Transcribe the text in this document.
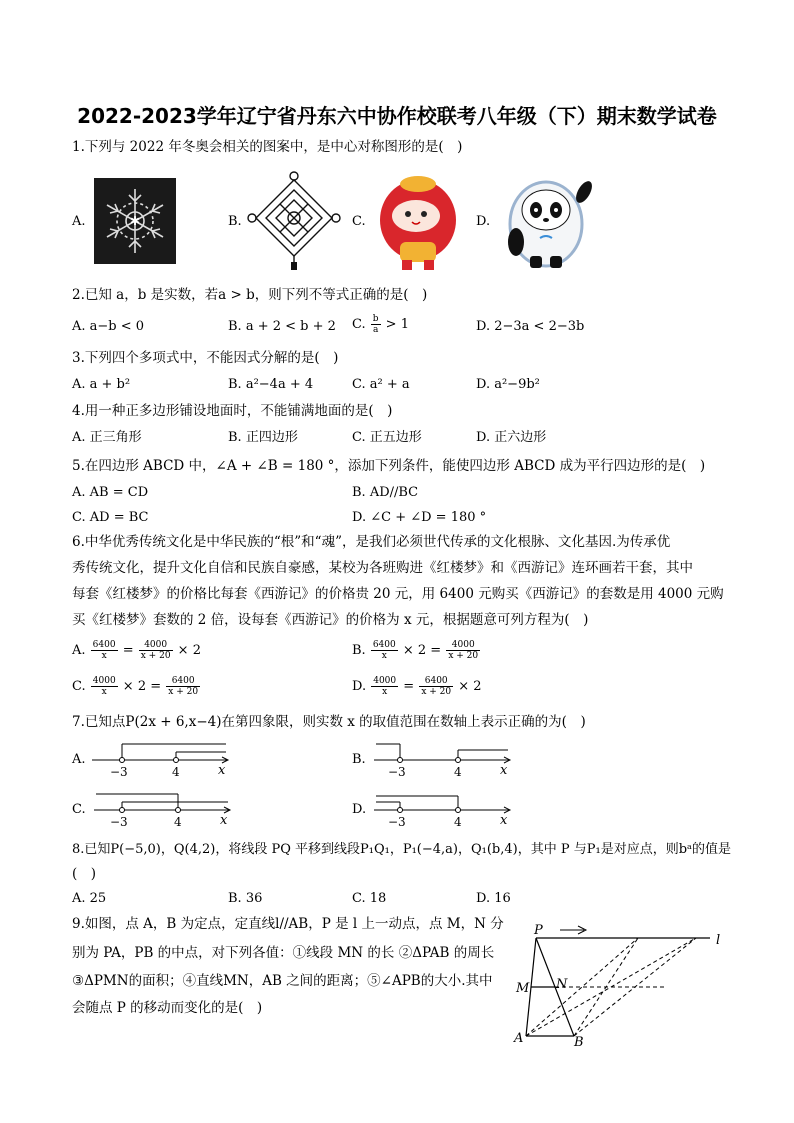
2022-2023学年辽宁省丹东六中协作校联考八年级（下）期末数学试卷
1.下列与 2022 年冬奥会相关的图案中，是中心对称图形的是(　)
A.	✱	B.	C.	D.
2.已知 a，b 是实数，若a > b，则下列不等式正确的是(　)
A. a−b < 0	B. a + 2 < b + 2 C. $\frac{b}{a} > 1$	D. 2−3a < 2−3b
3.下列四个多项式中，不能因式分解的是(　)
A. a + b²	B. a²−4a + 4	C. a² + a	D. a²−9b²
4.用一种正多边形铺设地面时，不能铺满地面的是(　)
A. 正三角形	B. 正四边形	C. 正五边形	D. 正六边形
5.在四边形 ABCD 中，∠A + ∠B = 180 °，添加下列条件，能使四边形 ABCD 成为平行四边形的是(　)
A. AB = CD	B. AD//BC
C. AD = BC	D. ∠C + ∠D = 180 °
6.中华优秀传统文化是中华民族的“根”和“魂”，是我们必须世代传承的文化根脉、文化基因.为传承优
秀传统文化，提升文化自信和民族自豪感，某校为各班购进《红楼梦》和《西游记》连环画若干套，其中
每套《红楼梦》的价格比每套《西游记》的价格贵 20 元，用 6400 元购买《西游记》的套数是用 4000 元购
买《红楼梦》套数的 2 倍，设每套《西游记》的价格为 x 元，根据题意可列方程为(　)
A. $\frac{6400}{x} = \frac{4000}{x + 20} \times 2$	B. $\frac{6400}{x} \times 2 = \frac{4000}{x + 20}$
C. $\frac{4000}{x} \times 2 = \frac{6400}{x + 20}$	D. $\frac{4000}{x} = \frac{6400}{x + 20} \times 2$
7.已知点P(2x + 6,x−4)在第四象限，则实数 x 的取值范围在数轴上表示正确的为(　)
A.
−3	4	x
B.
−3	4	x
C.
−3	4	x
D.
−3	4	x
8.已知P(−5,0)，Q(4,2)，将线段 PQ 平移到线段P₁Q₁，P₁(−4,a)，Q₁(b,4)，其中 P 与P₁是对应点，则bᵃ的值是
(　)
A. 25	B. 36	C. 18	D. 16
9.如图，点 A，B 为定点，定直线l//AB，P 是 l 上一动点，点 M，N 分
别为 PA，PB 的中点，对下列各值：①线段 MN 的长 ②ΔPAB 的周长
③ΔPMN的面积；④直线MN，AB 之间的距离；⑤∠APB的大小.其中
会随点 P 的移动而变化的是(　)
P
l
M N
A	B
